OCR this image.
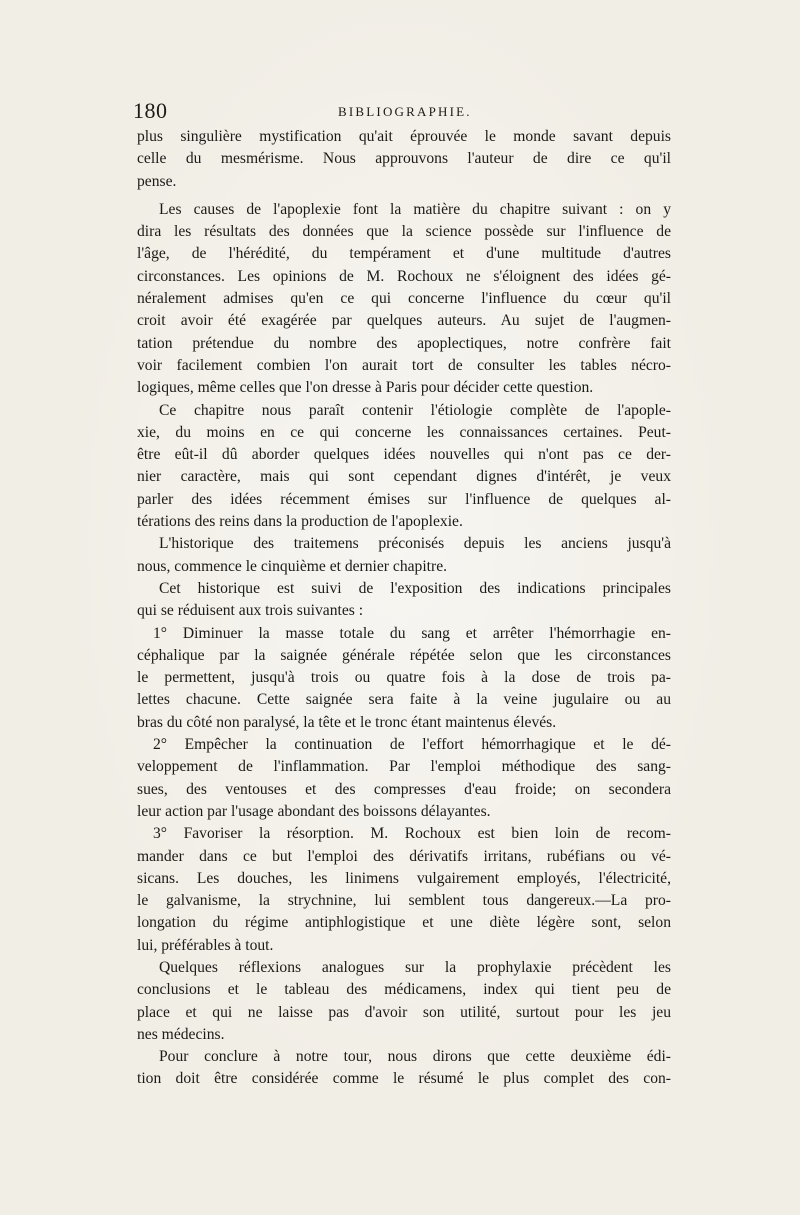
180	BIBLIOGRAPHIE.
plus singulière mystification qu'ait éprouvée le monde savant depuis
celle du mesmérisme. Nous approuvons l'auteur de dire ce qu'il
pense.
Les causes de l'apoplexie font la matière du chapitre suivant : on y
dira les résultats des données que la science possède sur l'influence de
l'âge, de l'hérédité, du tempérament et d'une multitude d'autres
circonstances. Les opinions de M. Rochoux ne s'éloignent des idées gé-
néralement admises qu'en ce qui concerne l'influence du cœur qu'il
croit avoir été exagérée par quelques auteurs. Au sujet de l'augmen-
tation prétendue du nombre des apoplectiques, notre confrère fait
voir facilement combien l'on aurait tort de consulter les tables nécro-
logiques, même celles que l'on dresse à Paris pour décider cette question.
Ce chapitre nous paraît contenir l'étiologie complète de l'apople-
xie, du moins en ce qui concerne les connaissances certaines. Peut-
être eût-il dû aborder quelques idées nouvelles qui n'ont pas ce der-
nier caractère, mais qui sont cependant dignes d'intérêt, je veux
parler des idées récemment émises sur l'influence de quelques al-
térations des reins dans la production de l'apoplexie.
L'historique des traitemens préconisés depuis les anciens jusqu'à
nous, commence le cinquième et dernier chapitre.
Cet historique est suivi de l'exposition des indications principales
qui se réduisent aux trois suivantes :
1° Diminuer la masse totale du sang et arrêter l'hémorrhagie en-
céphalique par la saignée générale répétée selon que les circonstances
le permettent, jusqu'à trois ou quatre fois à la dose de trois pa-
lettes chacune. Cette saignée sera faite à la veine jugulaire ou au
bras du côté non paralysé, la tête et le tronc étant maintenus élevés.
2° Empêcher la continuation de l'effort hémorrhagique et le dé-
veloppement de l'inflammation. Par l'emploi méthodique des sang-
sues, des ventouses et des compresses d'eau froide; on secondera
leur action par l'usage abondant des boissons délayantes.
3° Favoriser la résorption. M. Rochoux est bien loin de recom-
mander dans ce but l'emploi des dérivatifs irritans, rubéfians ou vé-
sicans. Les douches, les linimens vulgairement employés, l'électricité,
le galvanisme, la strychnine, lui semblent tous dangereux.—La pro-
longation du régime antiphlogistique et une diète légère sont, selon
lui, préférables à tout.
Quelques réflexions analogues sur la prophylaxie précèdent les
conclusions et le tableau des médicamens, index qui tient peu de
place et qui ne laisse pas d'avoir son utilité, surtout pour les jeu
nes médecins.
Pour conclure à notre tour, nous dirons que cette deuxième édi-
tion doit être considérée comme le résumé le plus complet des con-
